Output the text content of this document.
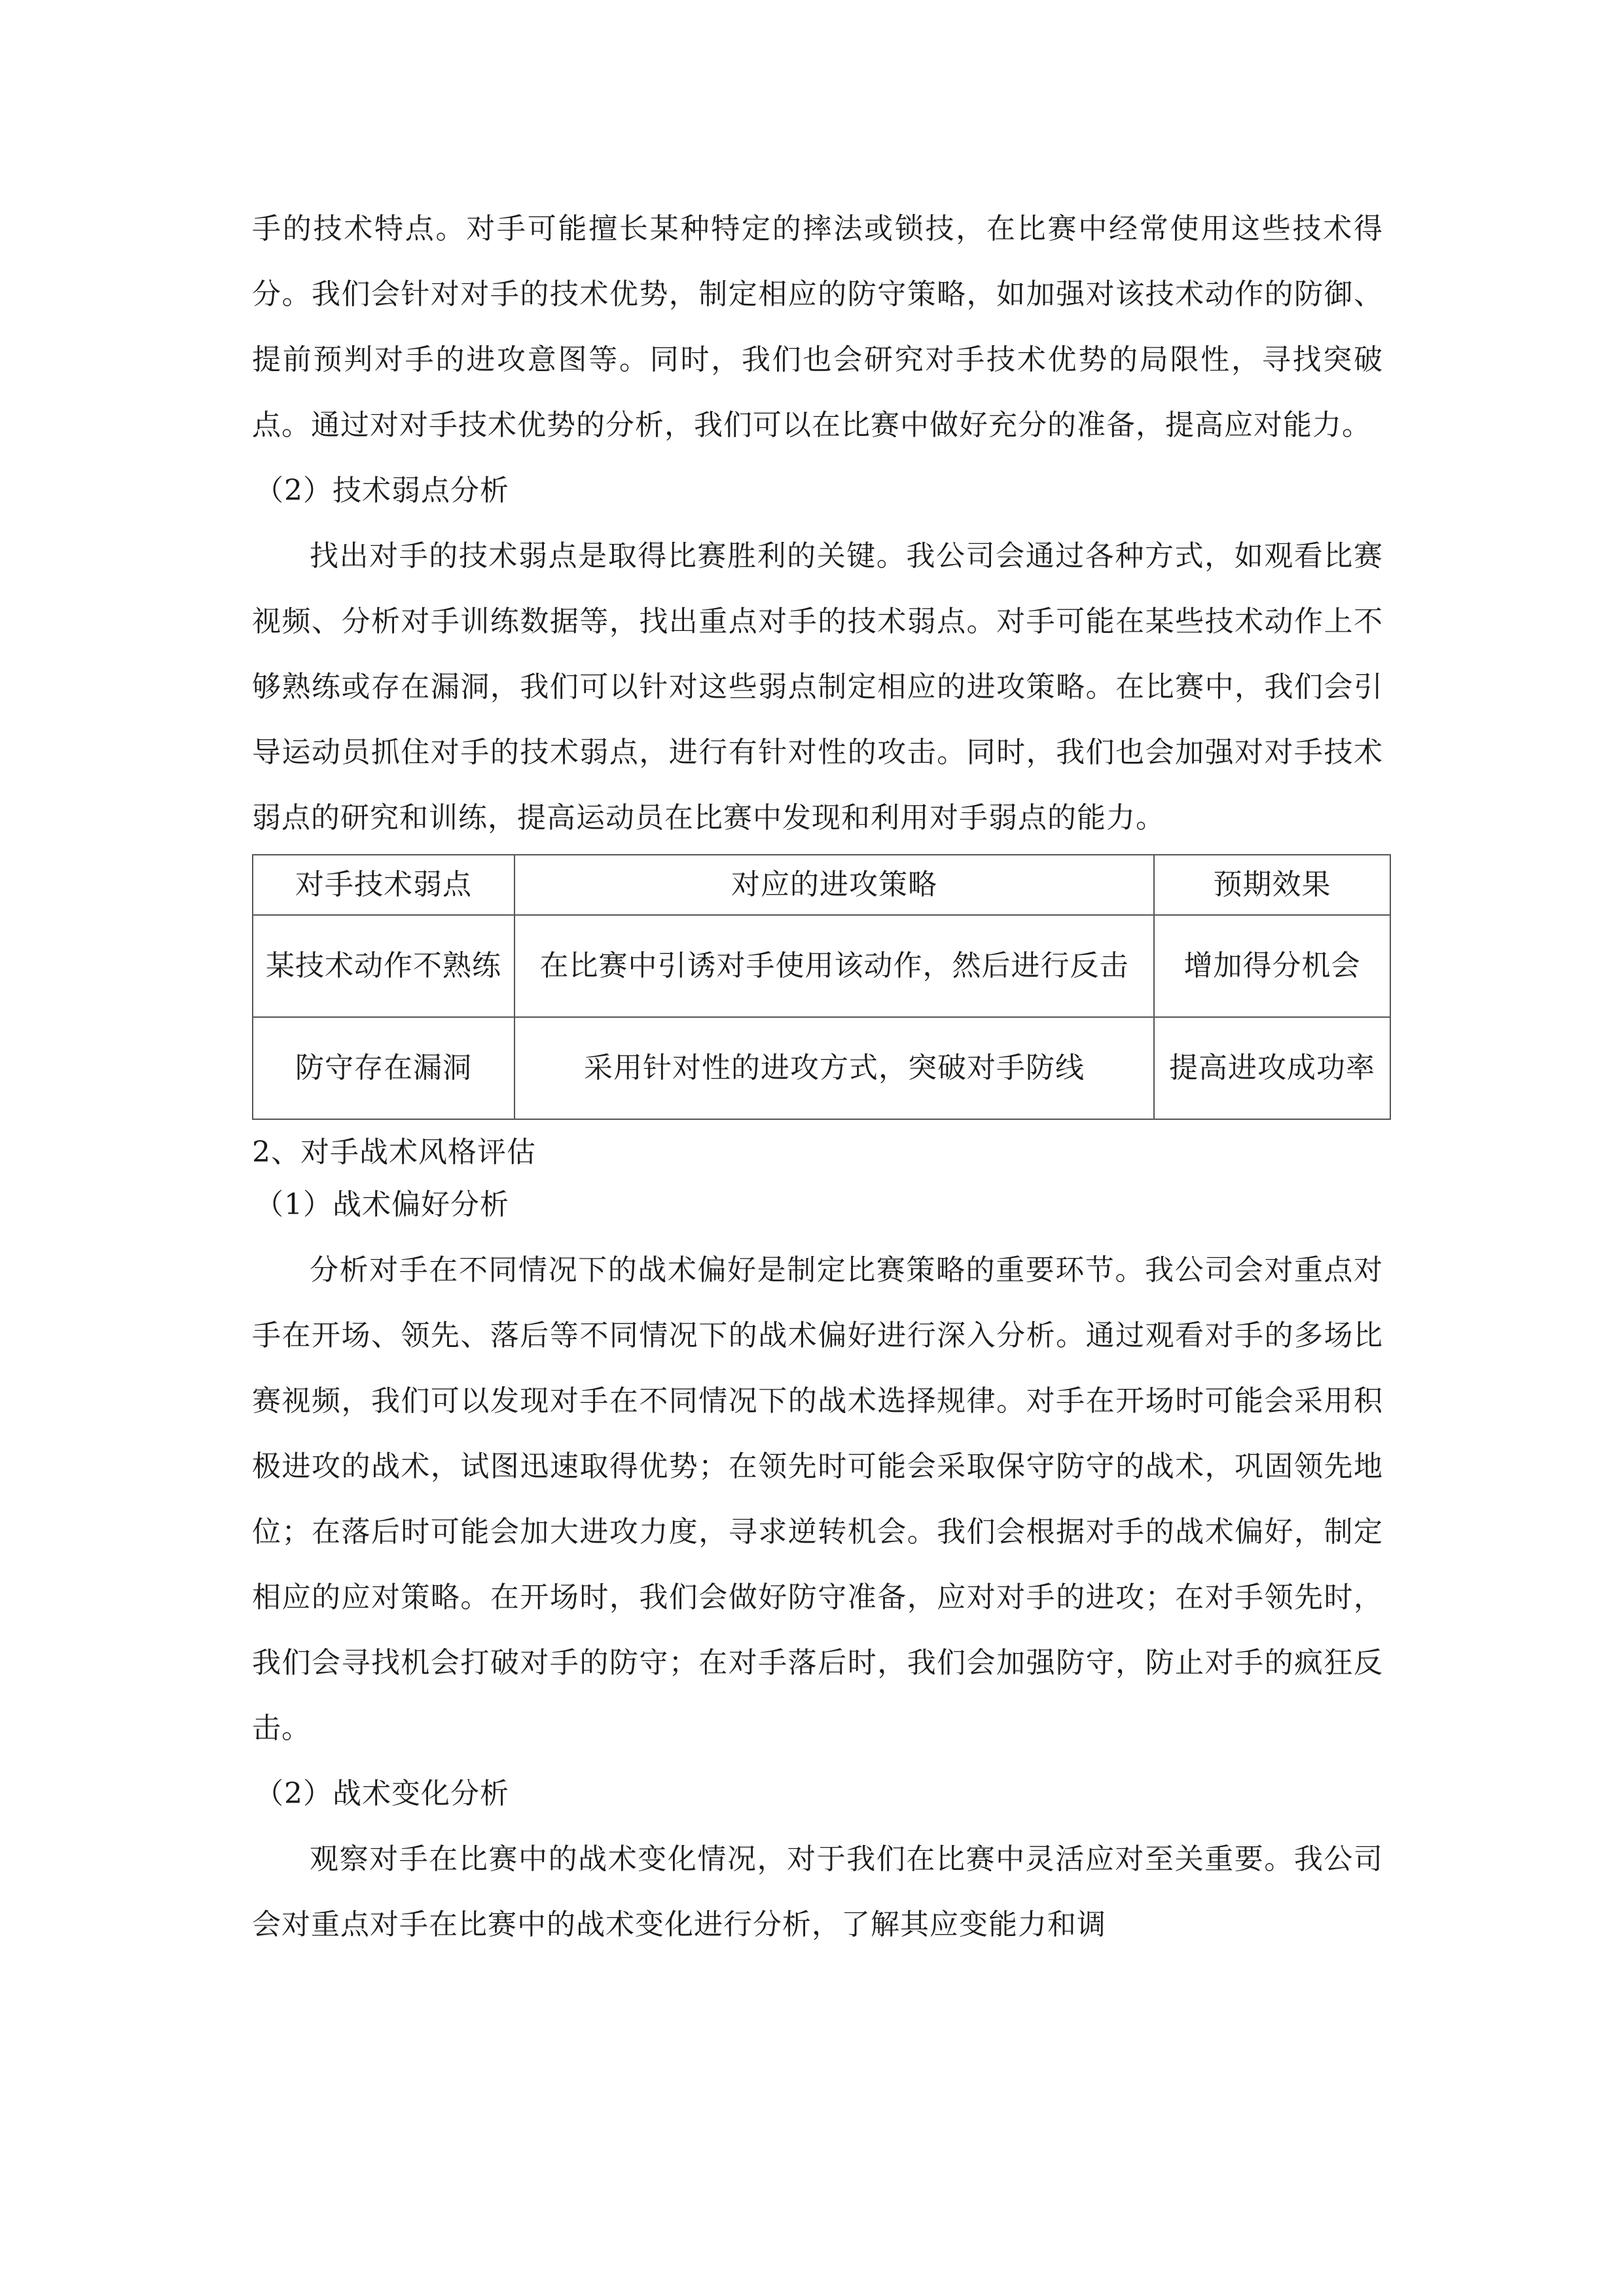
手的技术特点。对手可能擅长某种特定的摔法或锁技，在比赛中经常使用这些技术得分。我们会针对对手的技术优势，制定相应的防守策略，如加强对该技术动作的防御、提前预判对手的进攻意图等。同时，我们也会研究对手技术优势的局限性，寻找突破点。通过对对手技术优势的分析，我们可以在比赛中做好充分的准备，提高应对能力。

（2）技术弱点分析

找出对手的技术弱点是取得比赛胜利的关键。我公司会通过各种方式，如观看比赛视频、分析对手训练数据等，找出重点对手的技术弱点。对手可能在某些技术动作上不够熟练或存在漏洞，我们可以针对这些弱点制定相应的进攻策略。在比赛中，我们会引导运动员抓住对手的技术弱点，进行有针对性的攻击。同时，我们也会加强对对手技术弱点的研究和训练，提高运动员在比赛中发现和利用对手弱点的能力。

对手技术弱点	对应的进攻策略	预期效果
某技术动作不熟练	在比赛中引诱对手使用该动作，然后进行反击	增加得分机会
防守存在漏洞	采用针对性的进攻方式，突破对手防线	提高进攻成功率

2、对手战术风格评估

（1）战术偏好分析

分析对手在不同情况下的战术偏好是制定比赛策略的重要环节。我公司会对重点对手在开场、领先、落后等不同情况下的战术偏好进行深入分析。通过观看对手的多场比赛视频，我们可以发现对手在不同情况下的战术选择规律。对手在开场时可能会采用积极进攻的战术，试图迅速取得优势；在领先时可能会采取保守防守的战术，巩固领先地位；在落后时可能会加大进攻力度，寻求逆转机会。我们会根据对手的战术偏好，制定相应的应对策略。在开场时，我们会做好防守准备，应对对手的进攻；在对手领先时，我们会寻找机会打破对手的防守；在对手落后时，我们会加强防守，防止对手的疯狂反击。

（2）战术变化分析

观察对手在比赛中的战术变化情况，对于我们在比赛中灵活应对至关重要。我公司会对重点对手在比赛中的战术变化进行分析，了解其应变能力和调
